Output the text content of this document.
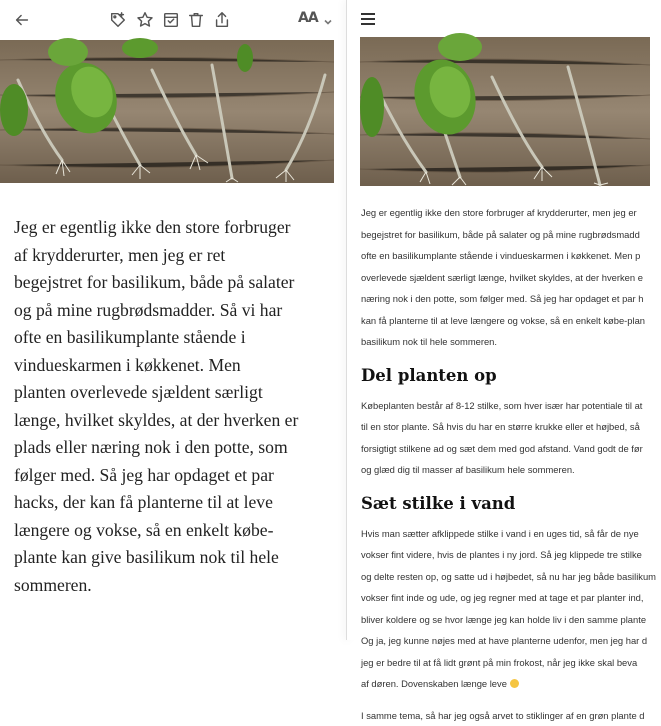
AA
Jeg er egentlig ikke den store forbruger
af krydderurter, men jeg er ret
begejstret for basilikum, både på salater
og på mine rugbrødsmadder. Så vi har
ofte en basilikumplante stående i
vindueskarmen i køkkenet. Men
planten overlevede sjældent særligt
længe, hvilket skyldes, at der hverken er
plads eller næring nok i den potte, som
følger med. Så jeg har opdaget et par
hacks, der kan få planterne til at leve
længere og vokse, så en enkelt købe-
plante kan give basilikum nok til hele
sommeren.

Jeg er egentlig ikke den store forbruger af krydderurter, men jeg er

begejstret for basilikum, både på salater og på mine rugbrødsmadd

ofte en basilikumplante stående i vindueskarmen i køkkenet. Men p

overlevede sjældent særligt længe, hvilket skyldes, at der hverken e

næring nok i den potte, som følger med. Så jeg har opdaget et par h

kan få planterne til at leve længere og vokse, så en enkelt købe-plan

basilikum nok til hele sommeren.

Del planten op

Købeplanten består af 8-12 stilke, som hver især har potentiale til at

til en stor plante. Så hvis du har en større krukke eller et højbed, så

forsigtigt stilkene ad og sæt dem med god afstand. Vand godt de før

og glæd dig til masser af basilikum hele sommeren.

Sæt stilke i vand

Hvis man sætter afklippede stilke i vand i en uges tid, så får de nye

vokser fint videre, hvis de plantes i ny jord. Så jeg klippede tre stilke

og delte resten op, og satte ud i højbedet, så nu har jeg både basilikum

vokser fint inde og ude, og jeg regner med at tage et par planter ind,

bliver koldere og se hvor længe jeg kan holde liv i den samme plante

Og ja, jeg kunne nøjes med at have planterne udenfor, men jeg har d

jeg er bedre til at få lidt grønt på min frokost, når jeg ikke skal beva

af døren. Dovenskaben længe leve

I samme tema, så har jeg også arvet to stiklinger af en grøn plante d
